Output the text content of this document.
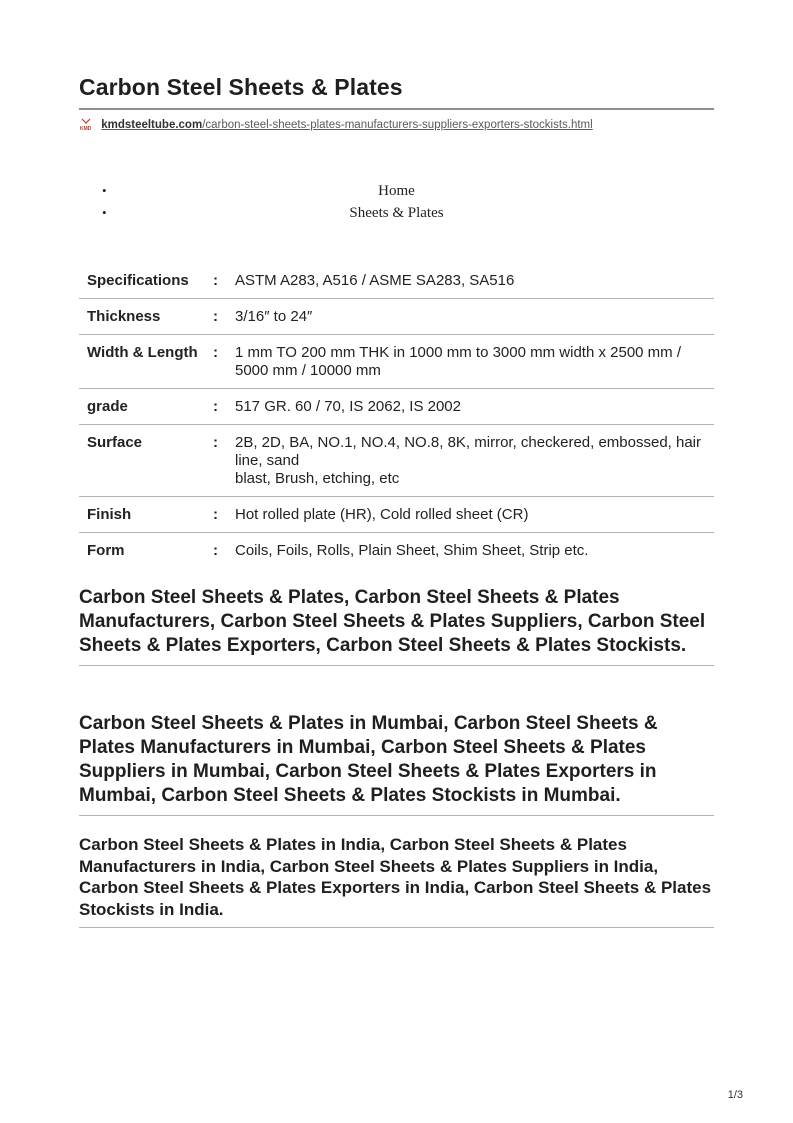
Carbon Steel Sheets & Plates
KMD kmdsteeltube.com/carbon-steel-sheets-plates-manufacturers-suppliers-exporters-stockists.html
•	Home
•	Sheets & Plates
Specifications	:	ASTM A283, A516 / ASME SA283, SA516
Thickness	:	3/16″ to 24″
Width & Length	:	1 mm TO 200 mm THK in 1000 mm to 3000 mm width x 2500 mm / 5000 mm / 10000 mm
grade	:	517 GR. 60 / 70, IS 2062, IS 2002
Surface	:	2B, 2D, BA, NO.1, NO.4, NO.8, 8K, mirror, checkered, embossed, hair line, sand
blast, Brush, etching, etc

Finish	:	Hot rolled plate (HR), Cold rolled sheet (CR)
Form	:	Coils, Foils, Rolls, Plain Sheet, Shim Sheet, Strip etc.
Carbon Steel Sheets & Plates, Carbon Steel Sheets & Plates Manufacturers, Carbon Steel Sheets & Plates Suppliers, Carbon Steel Sheets & Plates Exporters, Carbon Steel Sheets & Plates Stockists.
Carbon Steel Sheets & Plates in Mumbai, Carbon Steel Sheets & Plates Manufacturers in Mumbai, Carbon Steel Sheets & Plates Suppliers in Mumbai, Carbon Steel Sheets & Plates Exporters in Mumbai, Carbon Steel Sheets & Plates Stockists in Mumbai.
Carbon Steel Sheets & Plates in India, Carbon Steel Sheets & Plates Manufacturers in India, Carbon Steel Sheets & Plates Suppliers in India, Carbon Steel Sheets & Plates Exporters in India, Carbon Steel Sheets & Plates Stockists in India.
1/3
